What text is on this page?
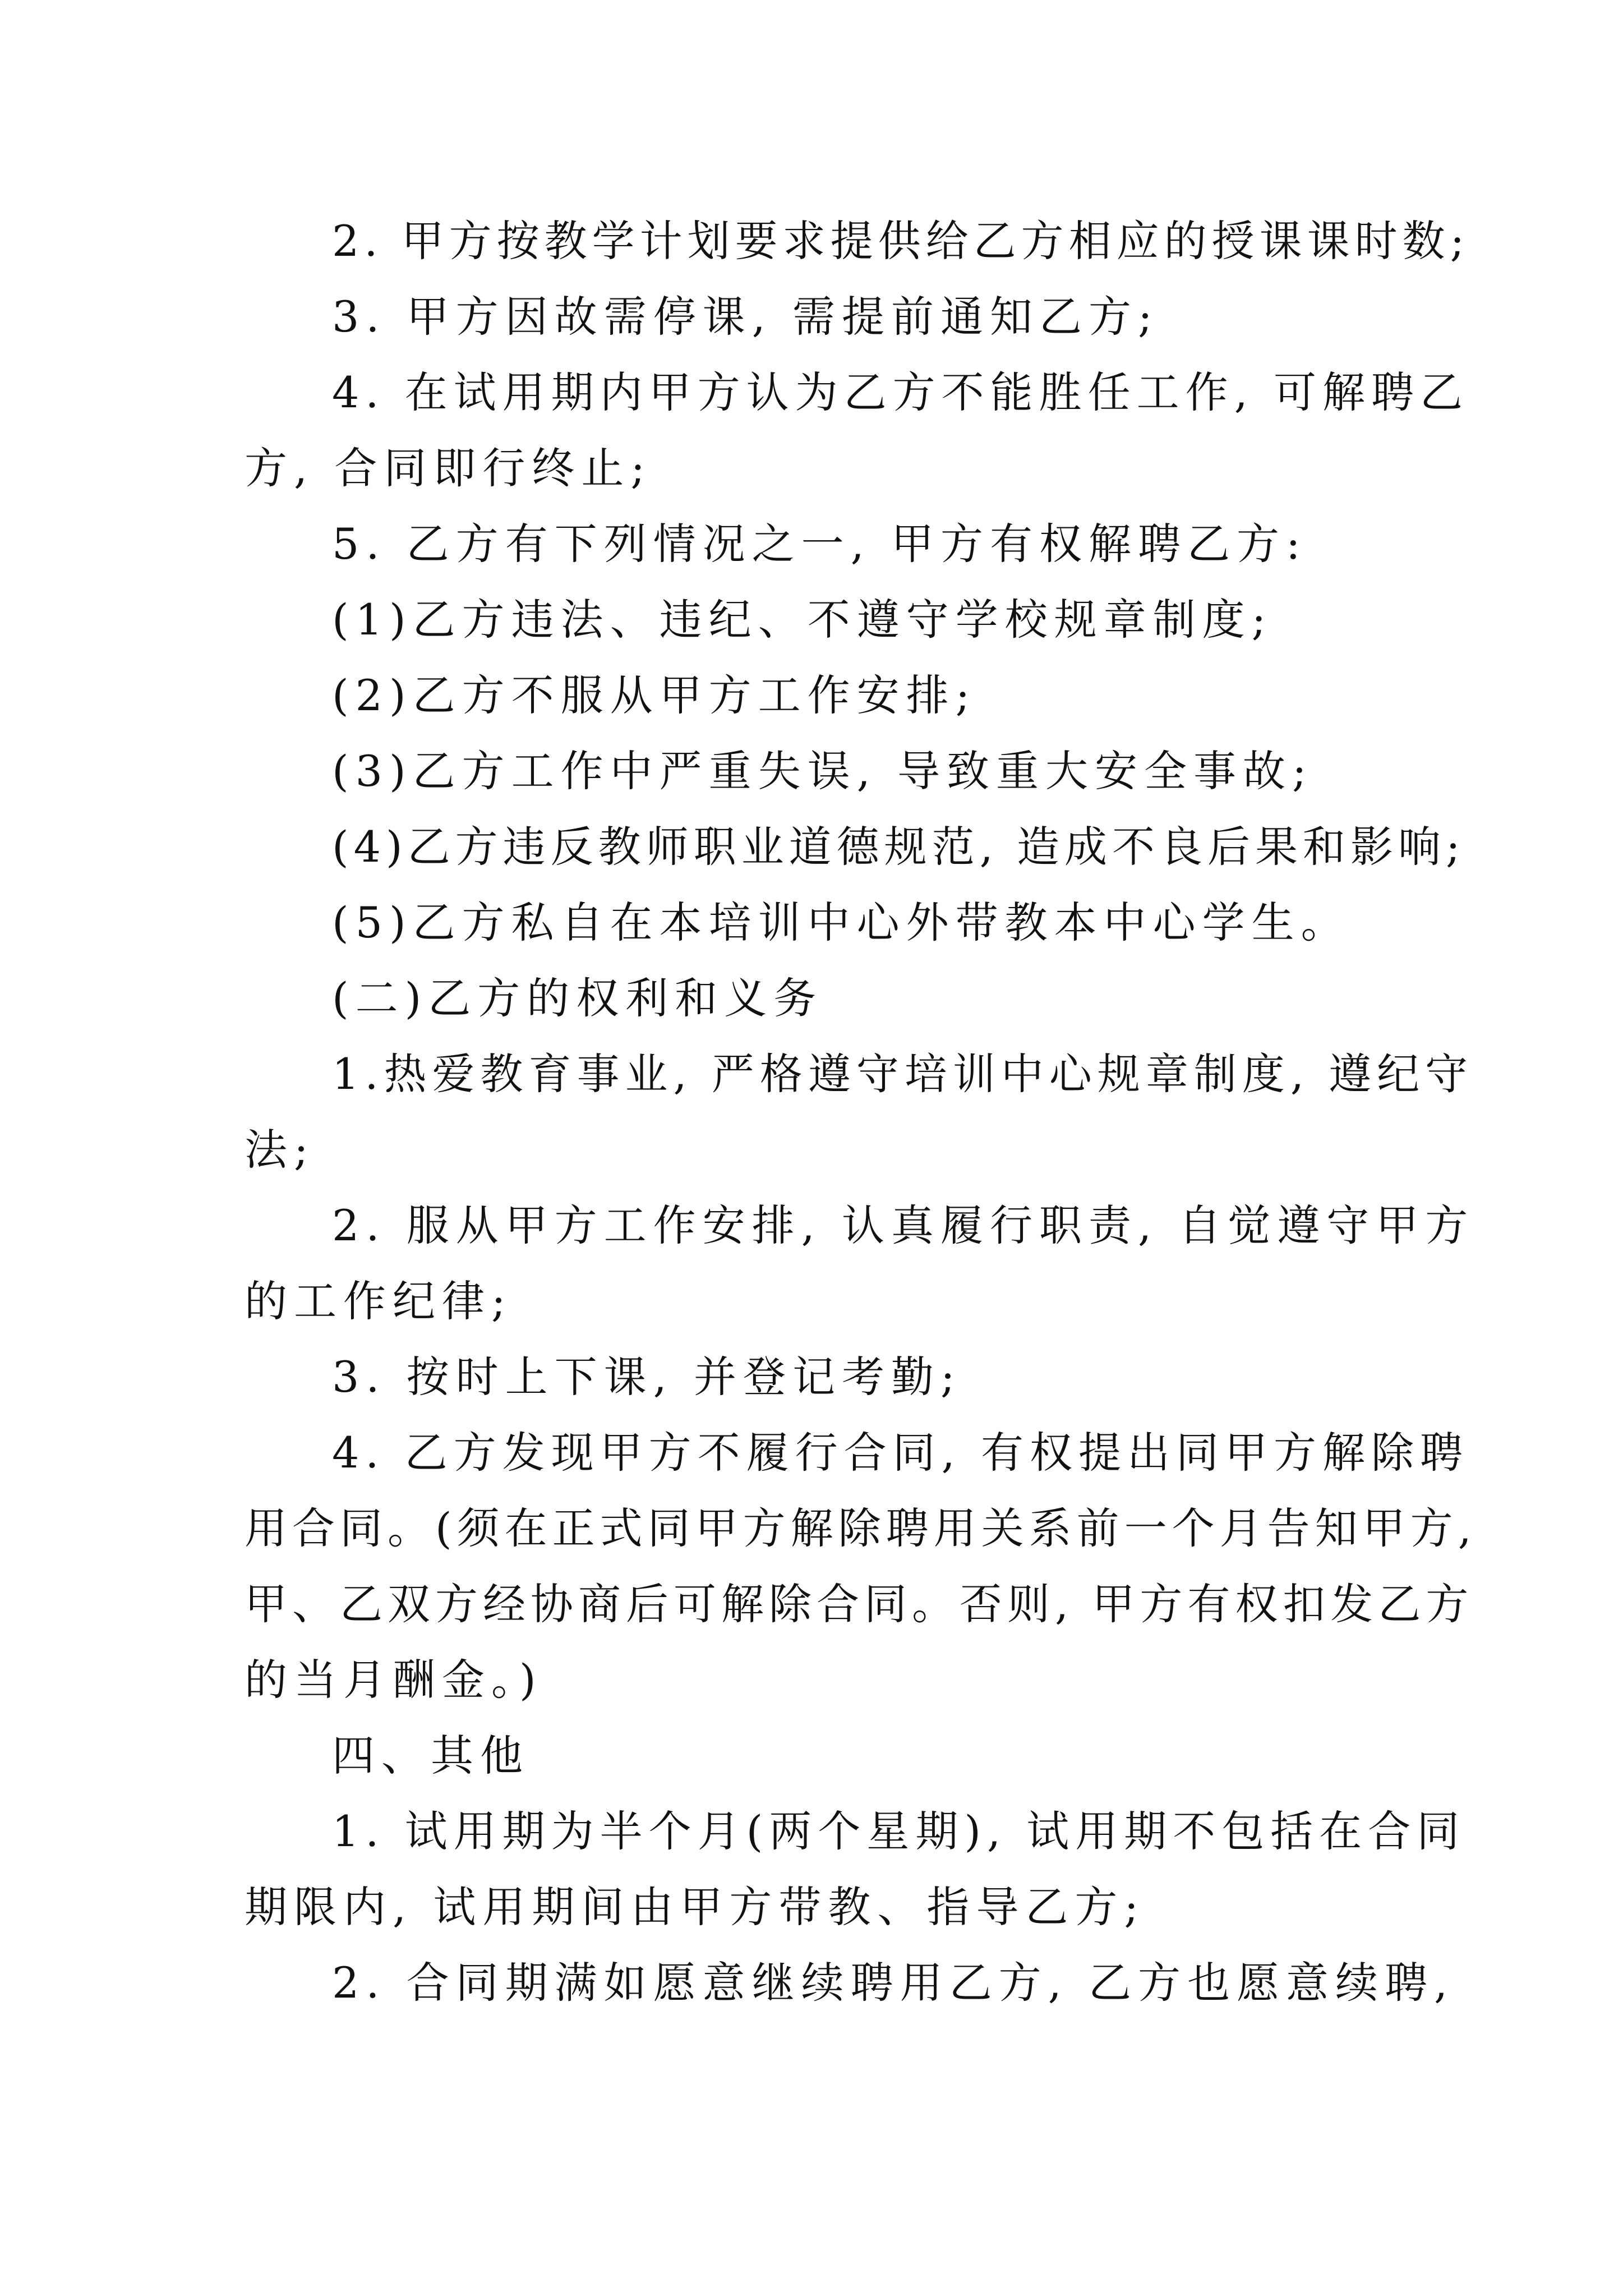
2. 甲方按教学计划要求提供给乙方相应的授课课时数;

3. 甲方因故需停课, 需提前通知乙方;

4. 在试用期内甲方认为乙方不能胜任工作, 可解聘乙

方, 合同即行终止;

5. 乙方有下列情况之一, 甲方有权解聘乙方:

(1)乙方违法、违纪、不遵守学校规章制度;

(2)乙方不服从甲方工作安排;

(3)乙方工作中严重失误, 导致重大安全事故;

(4)乙方违反教师职业道德规范, 造成不良后果和影响;

(5)乙方私自在本培训中心外带教本中心学生。

(二)乙方的权利和义务

1.热爱教育事业, 严格遵守培训中心规章制度, 遵纪守

法;

2. 服从甲方工作安排, 认真履行职责, 自觉遵守甲方

的工作纪律;

3. 按时上下课, 并登记考勤;

4. 乙方发现甲方不履行合同, 有权提出同甲方解除聘

用合同。(须在正式同甲方解除聘用关系前一个月告知甲方,

甲、乙双方经协商后可解除合同。否则, 甲方有权扣发乙方

的当月酬金。)

四、其他

1. 试用期为半个月(两个星期), 试用期不包括在合同

期限内, 试用期间由甲方带教、指导乙方;

2. 合同期满如愿意继续聘用乙方, 乙方也愿意续聘,
